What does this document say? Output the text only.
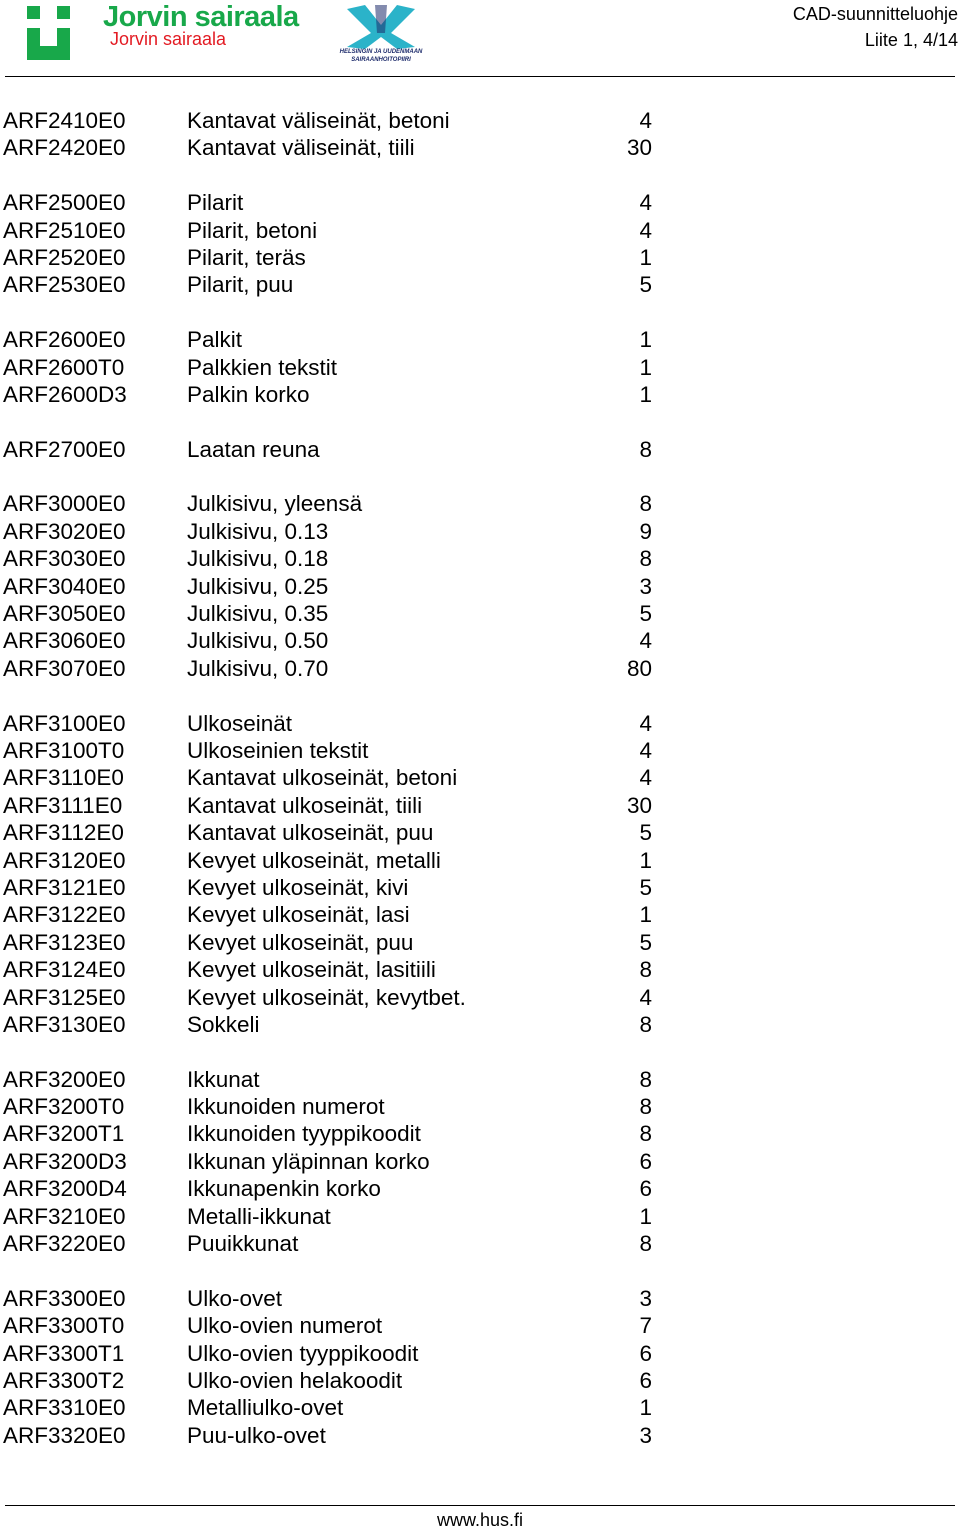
Jorvin sairaala
Jorvin sairaala
HELSINGIN JA UUDENMAAN SAIRAANHOITOPIIRI
CAD-suunnitteluohje
Liite 1, 4/14
ARF2410E0	Kantavat väliseinät, betoni	4
ARF2420E0	Kantavat väliseinät, tiili	30
ARF2500E0	Pilarit	4
ARF2510E0	Pilarit, betoni	4
ARF2520E0	Pilarit, teräs	1
ARF2530E0	Pilarit, puu	5
ARF2600E0	Palkit	1
ARF2600T0	Palkkien tekstit	1
ARF2600D3	Palkin korko	1
ARF2700E0	Laatan reuna	8
ARF3000E0	Julkisivu, yleensä	8
ARF3020E0	Julkisivu, 0.13	9
ARF3030E0	Julkisivu, 0.18	8
ARF3040E0	Julkisivu, 0.25	3
ARF3050E0	Julkisivu, 0.35	5
ARF3060E0	Julkisivu, 0.50	4
ARF3070E0	Julkisivu, 0.70	80
ARF3100E0	Ulkoseinät	4
ARF3100T0	Ulkoseinien tekstit	4
ARF3110E0	Kantavat ulkoseinät, betoni	4
ARF3111E0	Kantavat ulkoseinät, tiili	30
ARF3112E0	Kantavat ulkoseinät, puu	5
ARF3120E0	Kevyet ulkoseinät, metalli	1
ARF3121E0	Kevyet ulkoseinät, kivi	5
ARF3122E0	Kevyet ulkoseinät, lasi	1
ARF3123E0	Kevyet ulkoseinät, puu	5
ARF3124E0	Kevyet ulkoseinät, lasitiili	8
ARF3125E0	Kevyet ulkoseinät, kevytbet.	4
ARF3130E0	Sokkeli	8
ARF3200E0	Ikkunat	8
ARF3200T0	Ikkunoiden numerot	8
ARF3200T1	Ikkunoiden tyyppikoodit	8
ARF3200D3	Ikkunan yläpinnan korko	6
ARF3200D4	Ikkunapenkin korko	6
ARF3210E0	Metalli-ikkunat	1
ARF3220E0	Puuikkunat	8
ARF3300E0	Ulko-ovet	3
ARF3300T0	Ulko-ovien numerot	7
ARF3300T1	Ulko-ovien tyyppikoodit	6
ARF3300T2	Ulko-ovien helakoodit	6
ARF3310E0	Metalliulko-ovet	1
ARF3320E0	Puu-ulko-ovet	3
www.hus.fi
